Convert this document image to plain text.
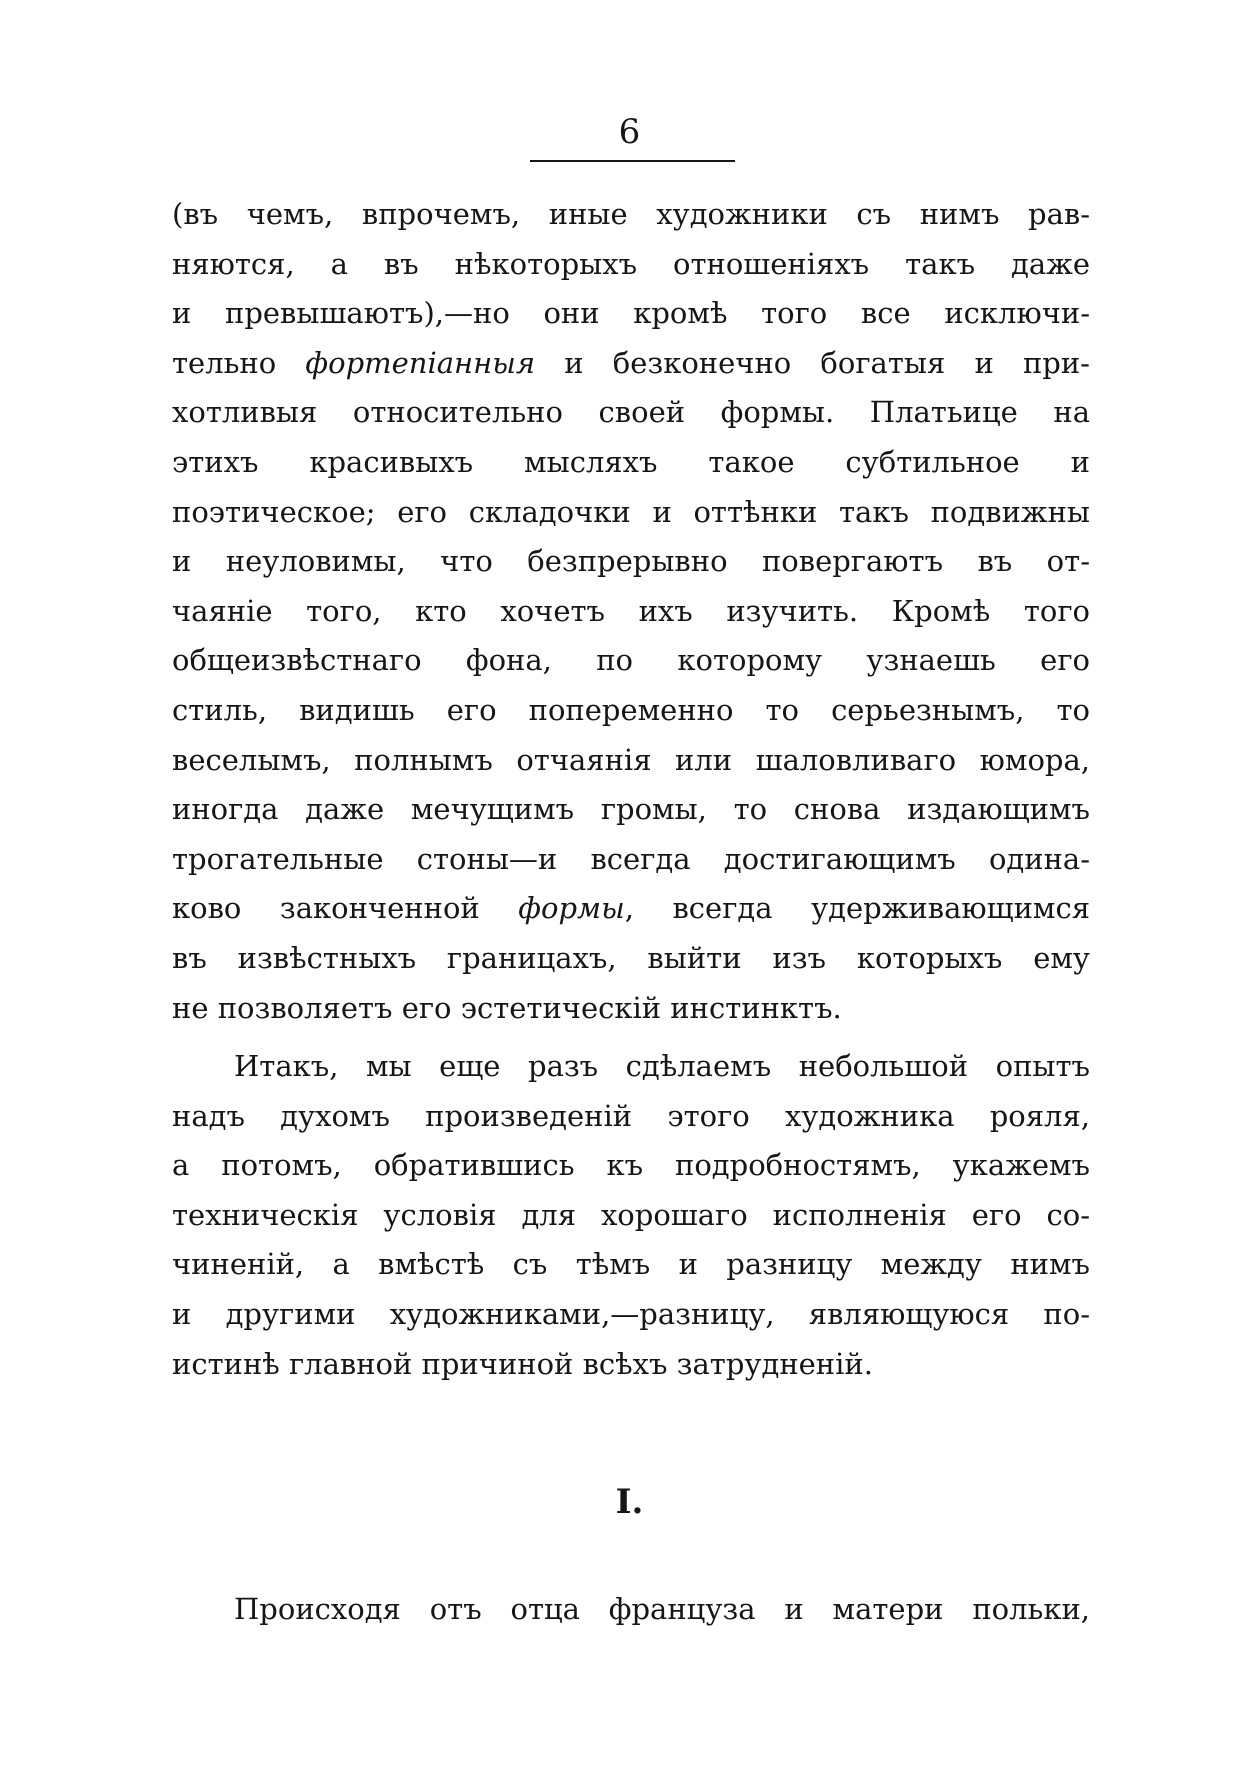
6
(въ чемъ, впрочемъ, иные художники съ нимъ рав-
няются, а въ нѣкоторыхъ отношеніяхъ такъ даже
и превышаютъ),—но они кромѣ того все исключи-
тельно фортепіанныя и безконечно богатыя и при-
хотливыя относительно своей формы. Платьице на
этихъ красивыхъ мысляхъ такое субтильное и
поэтическое; его складочки и оттѣнки такъ подвижны
и неуловимы, что безпрерывно повергаютъ въ от-
чаяніе того, кто хочетъ ихъ изучить. Кромѣ того
общеизвѣстнаго фона, по которому узнаешь его
стиль, видишь его попеременно то серьезнымъ, то
веселымъ, полнымъ отчаянія или шаловливаго юмора,
иногда даже мечущимъ громы, то снова издающимъ
трогательные стоны—и всегда достигающимъ одина-
ково законченной формы, всегда удерживающимся
въ извѣстныхъ границахъ, выйти изъ которыхъ ему
не позволяетъ его эстетическій инстинктъ.
Итакъ, мы еще разъ сдѣлаемъ небольшой опытъ
надъ духомъ произведеній этого художника рояля,
а потомъ, обратившись къ подробностямъ, укажемъ
техническія условія для хорошаго исполненія его со-
чиненій, а вмѣстѣ съ тѣмъ и разницу между нимъ
и другими художниками,—разницу, являющуюся по-
истинѣ главной причиной всѣхъ затрудненій.
I.
Происходя отъ отца француза и матери польки,
